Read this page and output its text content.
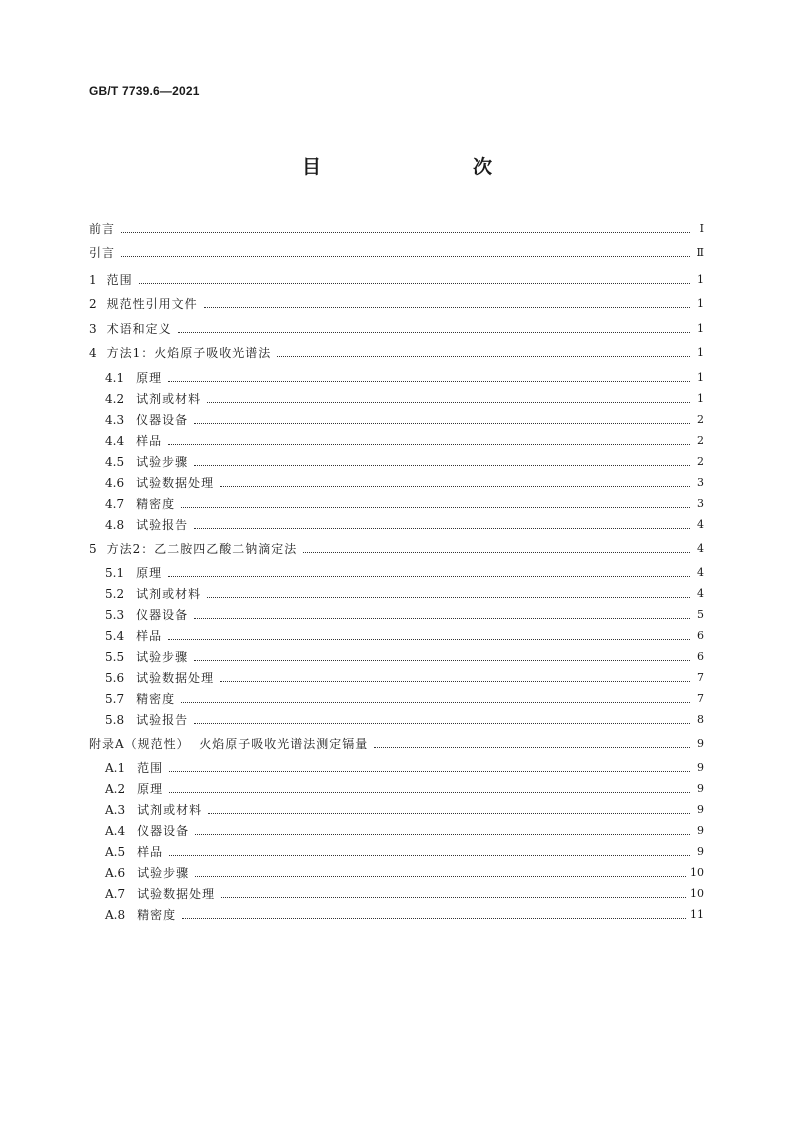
GB/T 7739.6—2021
目　　次
前言	Ⅰ
引言	Ⅱ
1 范围	1
2 规范性引用文件	1
3 术语和定义	1
4 方法1：火焰原子吸收光谱法	1
4.1 原理	1
4.2 试剂或材料	1
4.3 仪器设备	2
4.4 样品	2
4.5 试验步骤	2
4.6 试验数据处理	3
4.7 精密度	3
4.8 试验报告	4
5 方法2：乙二胺四乙酸二钠滴定法	4
5.1 原理	4
5.2 试剂或材料	4
5.3 仪器设备	5
5.4 样品	6
5.5 试验步骤	6
5.6 试验数据处理	7
5.7 精密度	7
5.8 试验报告	8
附录A（规范性）  火焰原子吸收光谱法测定镉量	9
A.1 范围	9
A.2 原理	9
A.3 试剂或材料	9
A.4 仪器设备	9
A.5 样品	9
A.6 试验步骤	10
A.7 试验数据处理	10
A.8 精密度	11
